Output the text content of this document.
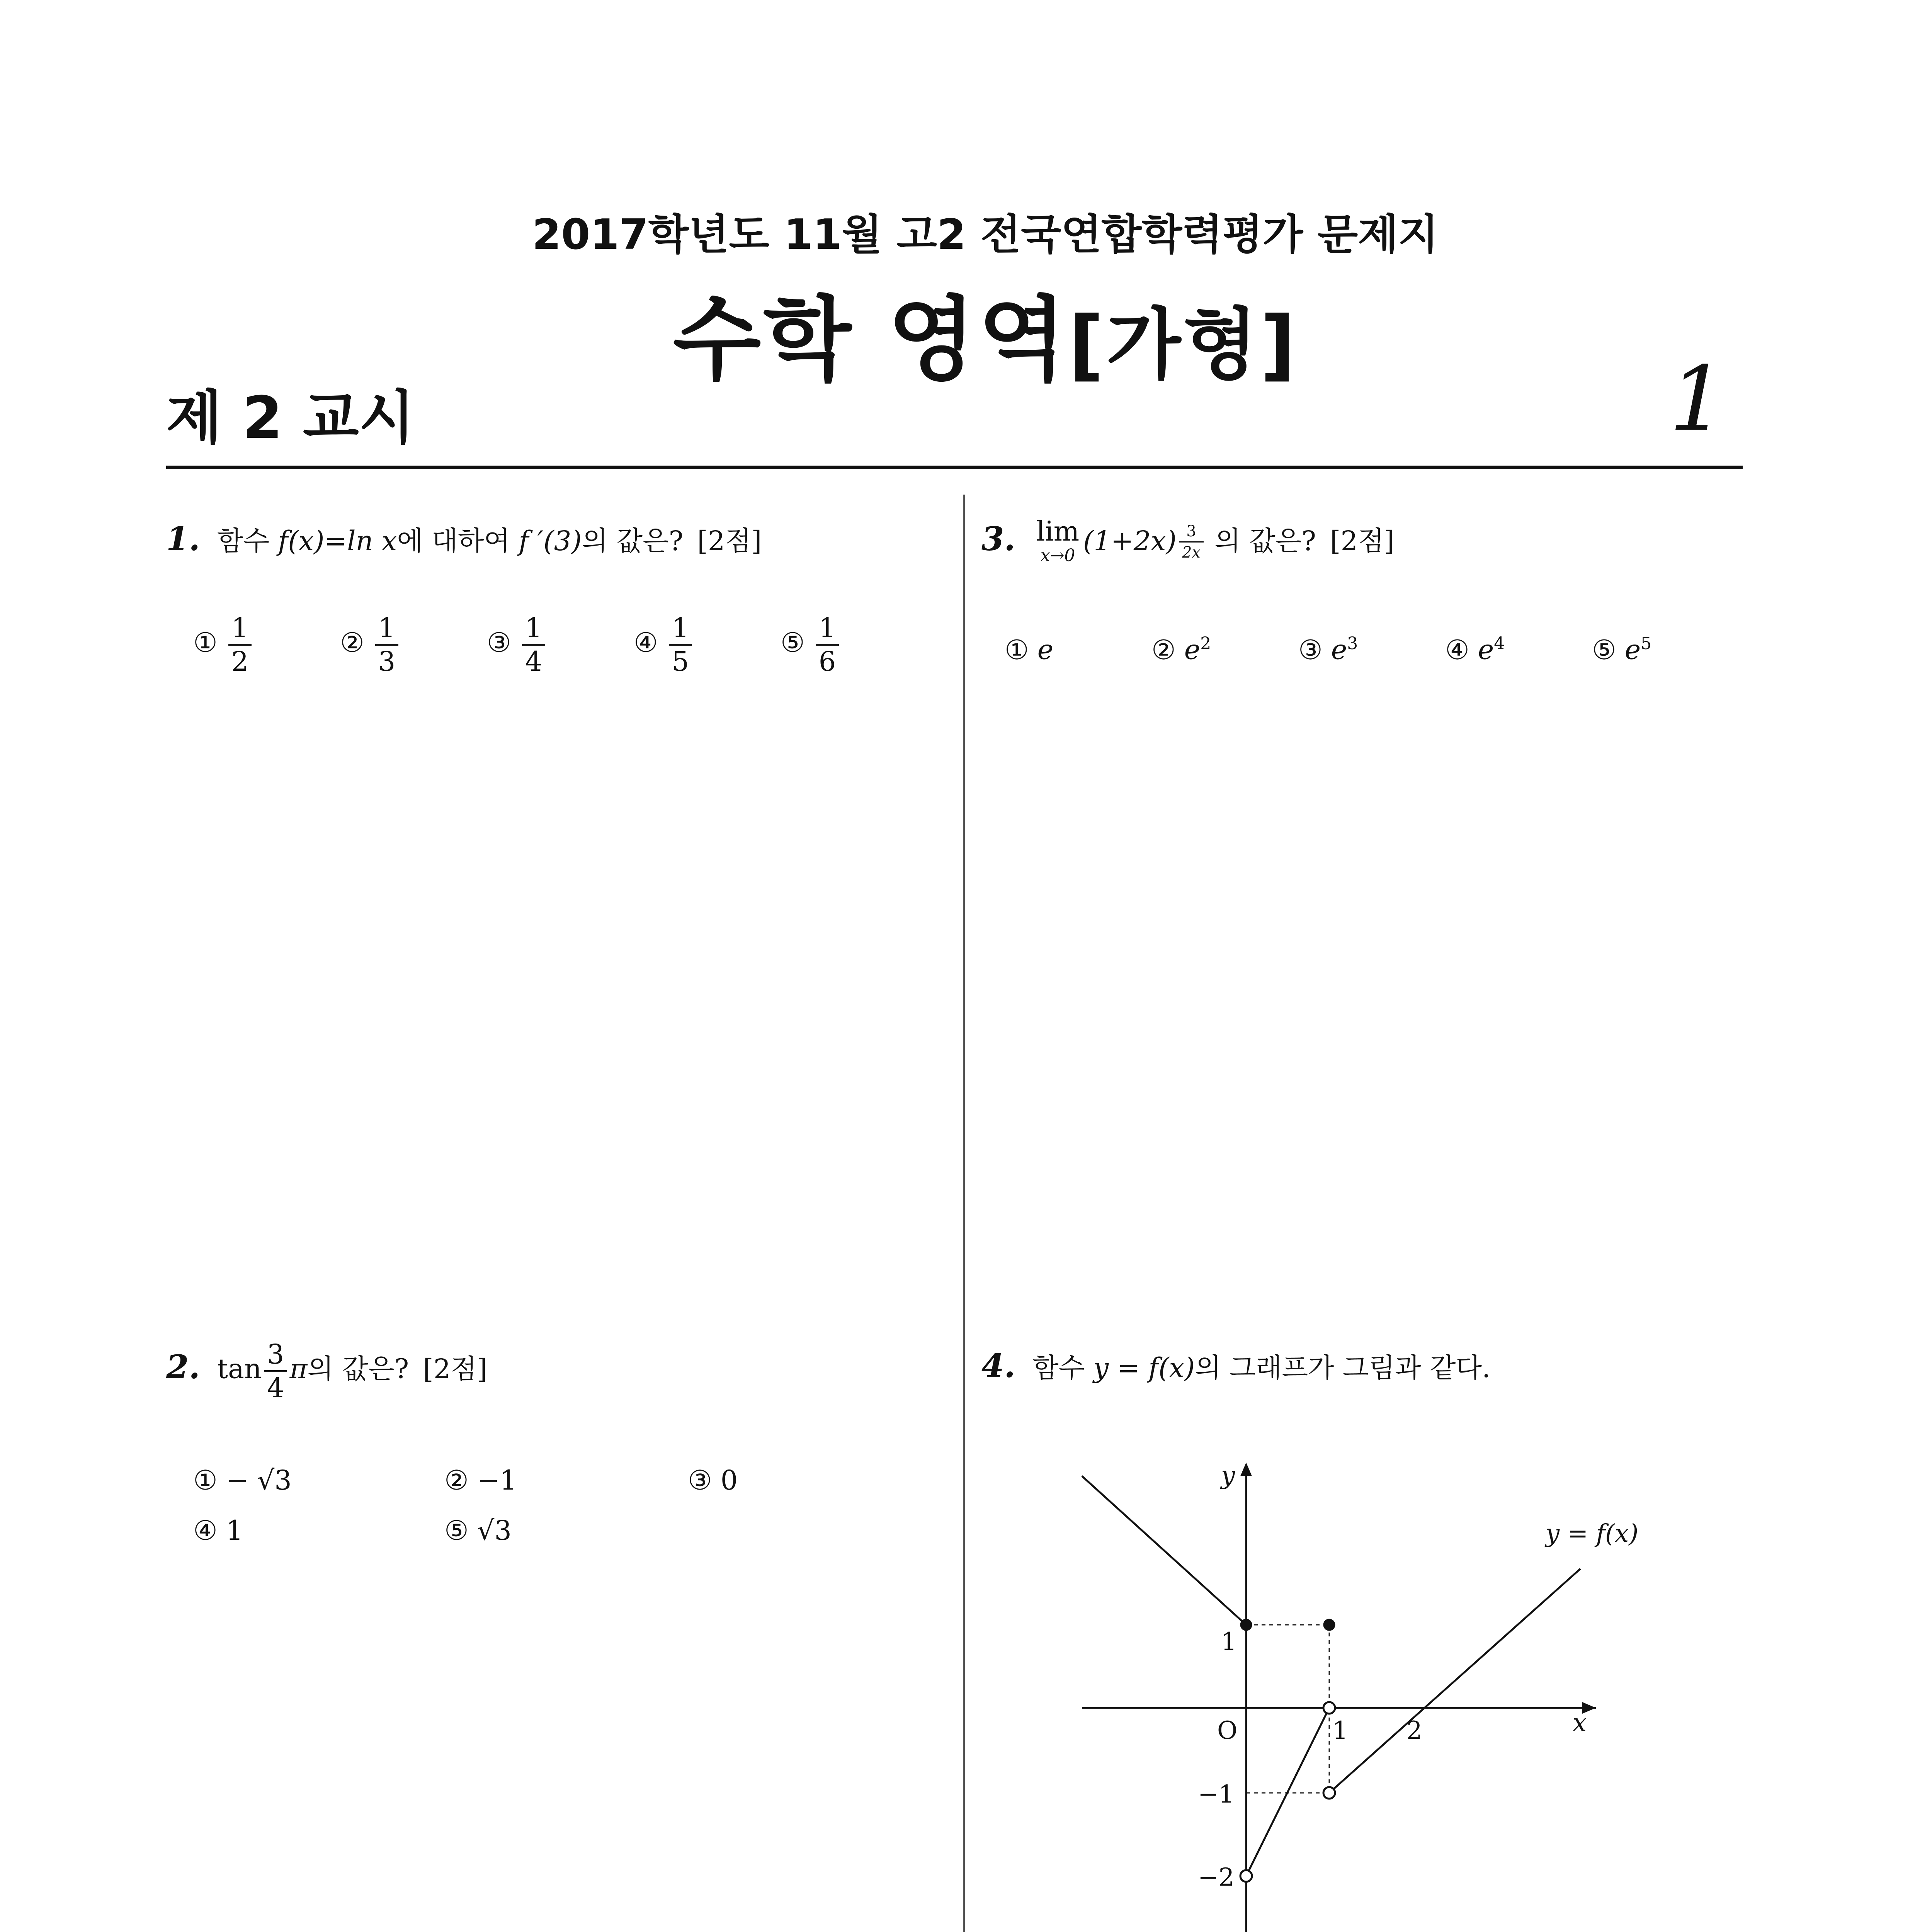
2017학년도 11월 고2 전국연합학력평가 문제지
수학 영역[가형]
제 2 교시	1
1. 함수 f(x)=ln x에 대하여 f ′(3)의 값은? [2점]
① $\frac{1}{2}$	② $\frac{1}{3}$	③ $\frac{1}{4}$	④ $\frac{1}{5}$	⑤ $\frac{1}{6}$
2. $\tan \frac{3}{4}$ π의 값은? [2점]
① − √3	② −1	③ 0
④ 1	⑤ √3
3. lim
x→0 $(1+2x) \frac{3}{2x}$ 의 값은? [2점]
① e	② $e^2$	③ $e^3$	④ $e^4$	⑤ $e^5$
4. 함수 y = f(x)의 그래프가 그림과 같다.
y
x
O
y = f(x)
1 2
1
−1
−2
